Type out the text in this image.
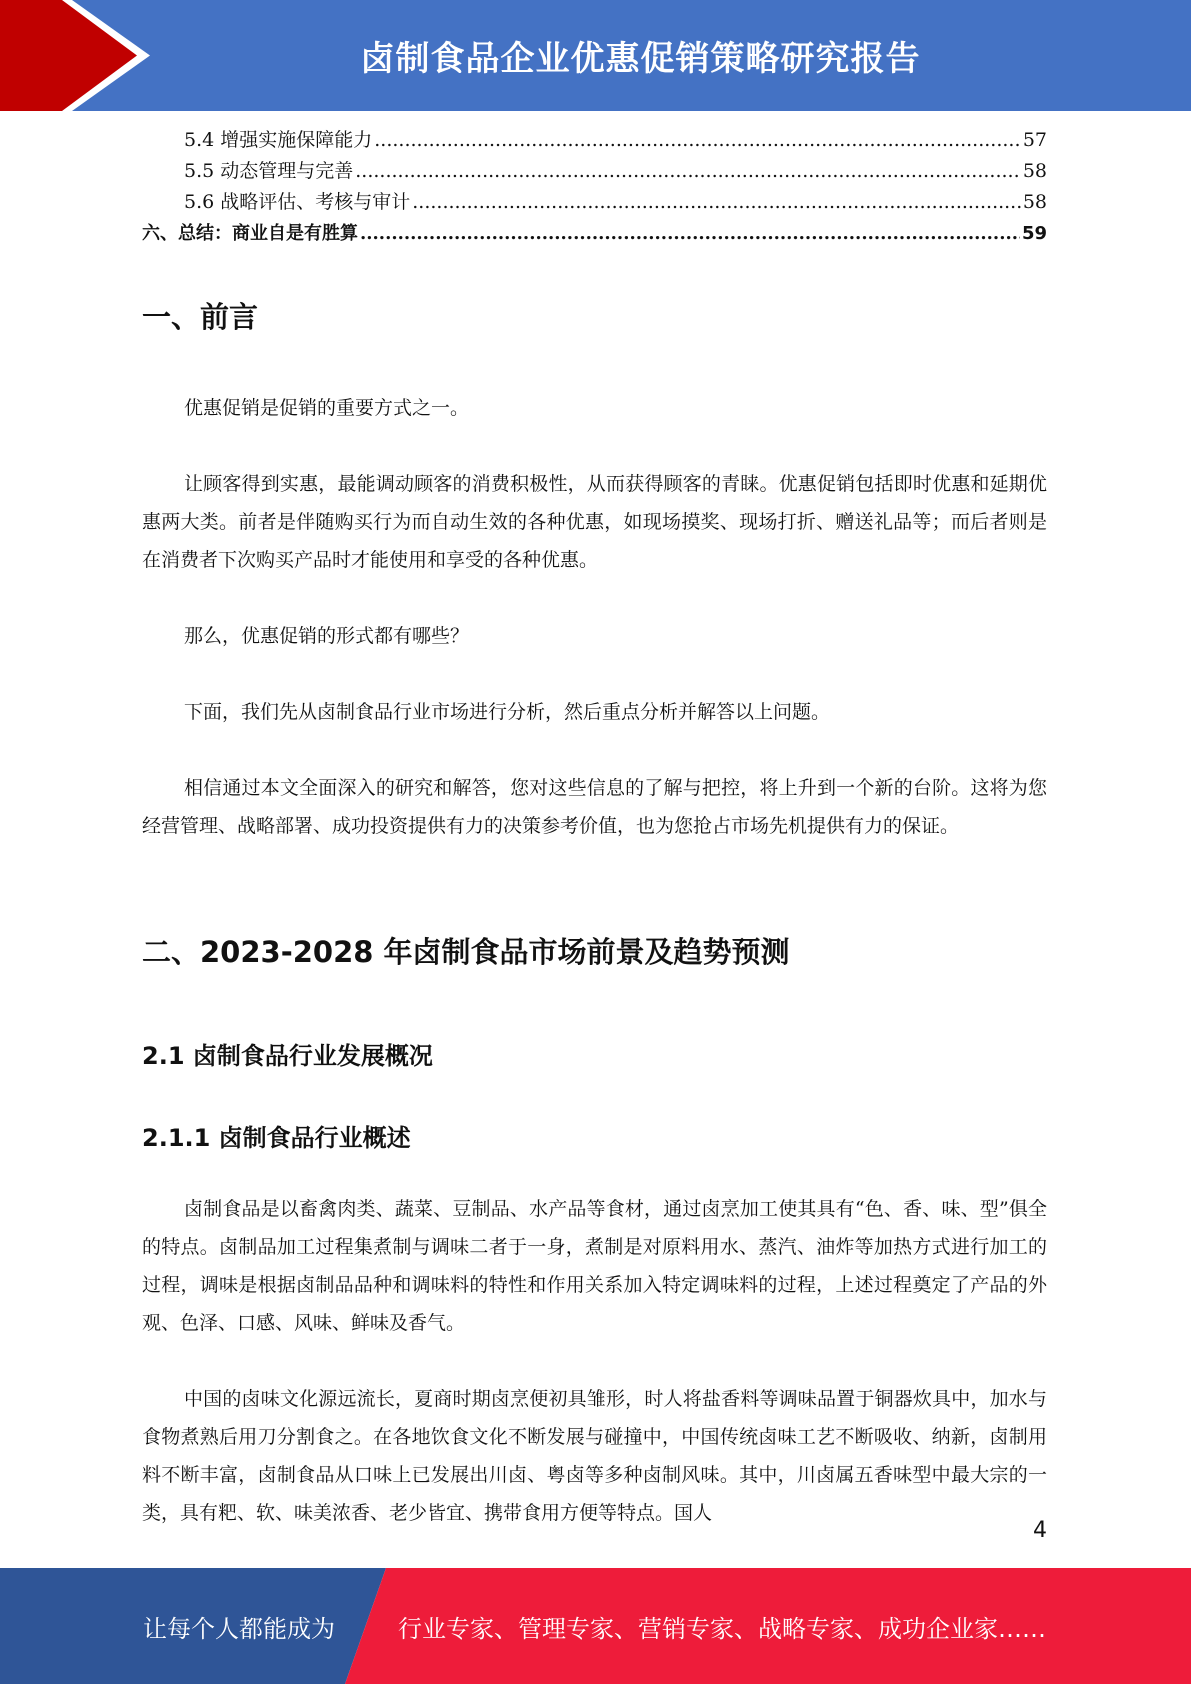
卤制食品企业优惠促销策略研究报告
5.4 增强实施保障能力 .....	57
5.5 动态管理与完善 .....	58
5.6 战略评估、考核与审计 .....	58
六、总结：商业自是有胜算 .....	59
一、前言

优惠促销是促销的重要方式之一。

让顾客得到实惠，最能调动顾客的消费积极性，从而获得顾客的青睐。优惠促销包括即时优惠和延期优惠两大类。前者是伴随购买行为而自动生效的各种优惠，如现场摸奖、现场打折、赠送礼品等；而后者则是在消费者下次购买产品时才能使用和享受的各种优惠。

那么，优惠促销的形式都有哪些？

下面，我们先从卤制食品行业市场进行分析，然后重点分析并解答以上问题。

相信通过本文全面深入的研究和解答，您对这些信息的了解与把控，将上升到一个新的台阶。这将为您经营管理、战略部署、成功投资提供有力的决策参考价值，也为您抢占市场先机提供有力的保证。

二、2023-2028 年卤制食品市场前景及趋势预测
2.1 卤制食品行业发展概况
2.1.1 卤制食品行业概述

卤制食品是以畜禽肉类、蔬菜、豆制品、水产品等食材，通过卤烹加工使其具有“色、香、味、型”俱全的特点。卤制品加工过程集煮制与调味二者于一身，煮制是对原料用水、蒸汽、油炸等加热方式进行加工的过程，调味是根据卤制品品种和调味料的特性和作用关系加入特定调味料的过程，上述过程奠定了产品的外观、色泽、口感、风味、鲜味及香气。

中国的卤味文化源远流长，夏商时期卤烹便初具雏形，时人将盐香料等调味品置于铜器炊具中，加水与食物煮熟后用刀分割食之。在各地饮食文化不断发展与碰撞中，中国传统卤味工艺不断吸收、纳新，卤制用料不断丰富，卤制食品从口味上已发展出川卤、粤卤等多种卤制风味。其中，川卤属五香味型中最大宗的一类，具有粑、软、味美浓香、老少皆宜、携带食用方便等特点。国人

4
让每个人都能成为	行业专家、管理专家、营销专家、战略专家、成功企业家……
